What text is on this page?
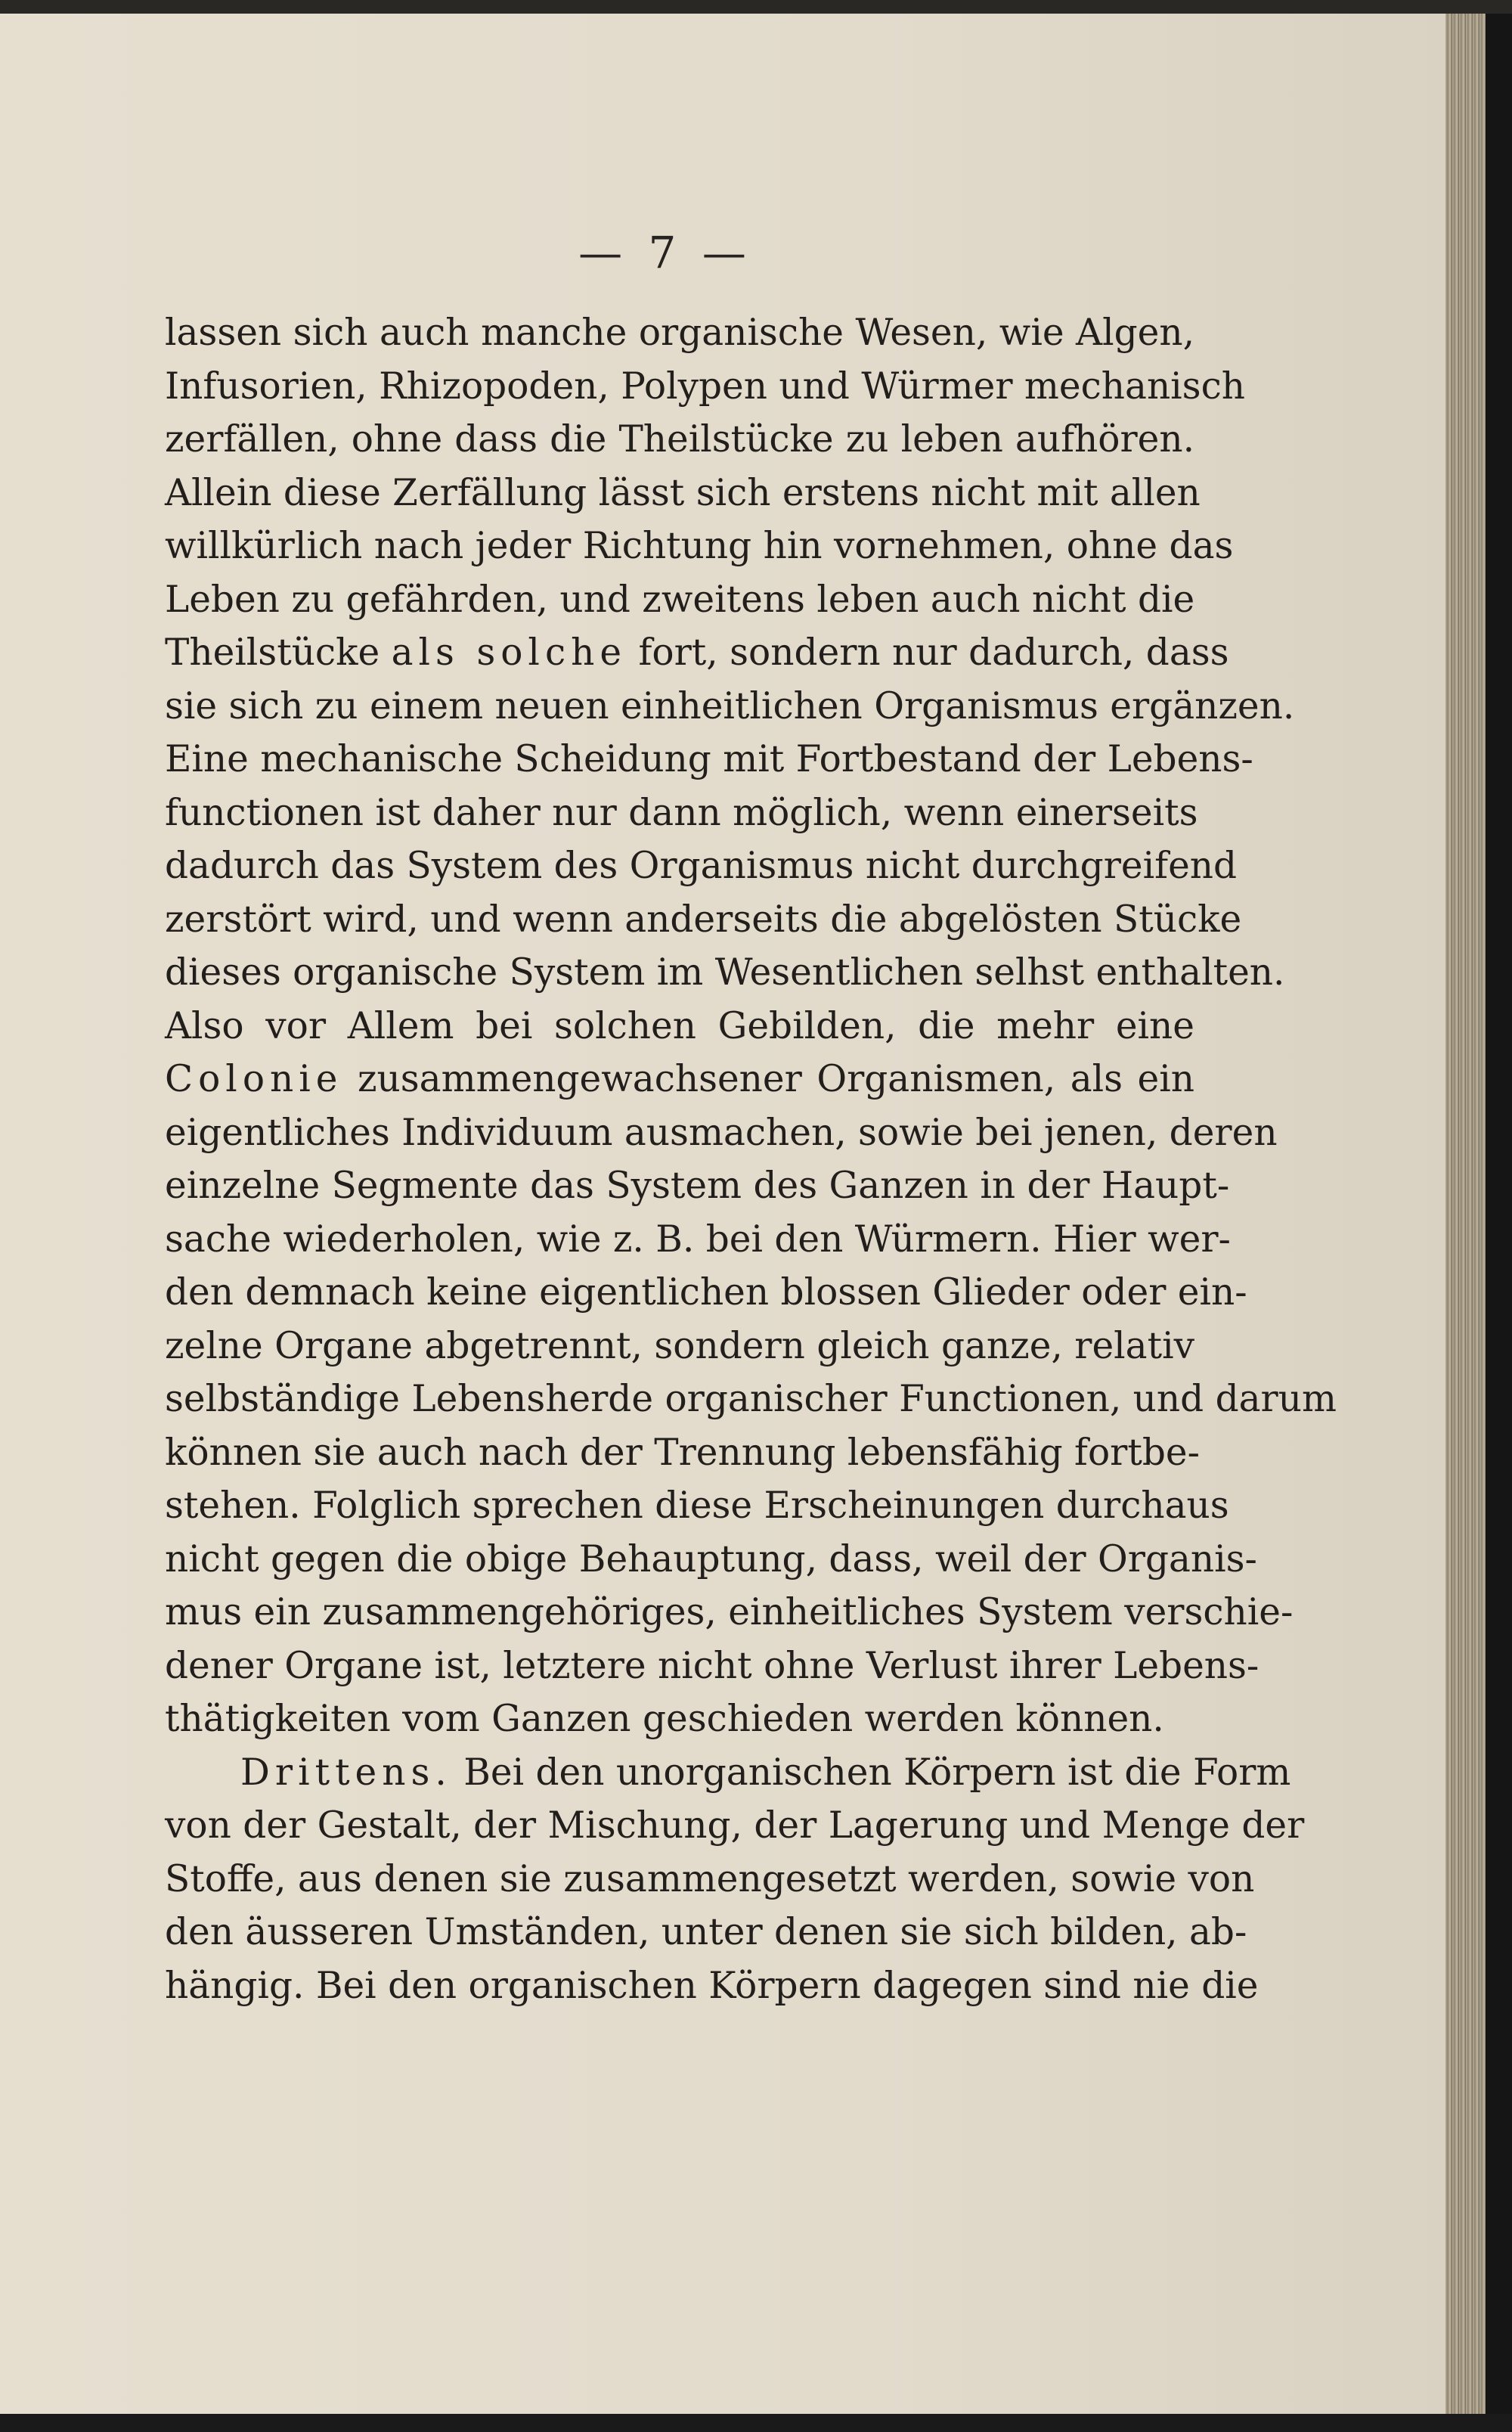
— 7 —
lassen sich auch manche organische Wesen, wie Algen,
Infusorien, Rhizopoden, Polypen und Würmer mechanisch
zerfällen, ohne dass die Theilstücke zu leben aufhören.
Allein diese Zerfällung lässt sich erstens nicht mit allen
willkürlich nach jeder Richtung hin vornehmen, ohne das
Leben zu gefährden, und zweitens leben auch nicht die
Theilstücke als solche fort, sondern nur dadurch, dass
sie sich zu einem neuen einheitlichen Organismus ergänzen.
Eine mechanische Scheidung mit Fortbestand der Lebens-
functionen ist daher nur dann möglich, wenn einerseits
dadurch das System des Organismus nicht durchgreifend
zerstört wird, und wenn anderseits die abgelösten Stücke
dieses organische System im Wesentlichen selhst enthalten.
Also vor Allem bei solchen Gebilden, die mehr eine
Colonie zusammengewachsener Organismen, als ein
eigentliches Individuum ausmachen, sowie bei jenen, deren
einzelne Segmente das System des Ganzen in der Haupt-
sache wiederholen, wie z. B. bei den Würmern. Hier wer-
den demnach keine eigentlichen blossen Glieder oder ein-
zelne Organe abgetrennt, sondern gleich ganze, relativ
selbständige Lebensherde organischer Functionen, und darum
können sie auch nach der Trennung lebensfähig fortbe-
stehen. Folglich sprechen diese Erscheinungen durchaus
nicht gegen die obige Behauptung, dass, weil der Organis-
mus ein zusammengehöriges, einheitliches System verschie-
dener Organe ist, letztere nicht ohne Verlust ihrer Lebens-
thätigkeiten vom Ganzen geschieden werden können.
Drittens. Bei den unorganischen Körpern ist die Form
von der Gestalt, der Mischung, der Lagerung und Menge der
Stoffe, aus denen sie zusammengesetzt werden, sowie von
den äusseren Umständen, unter denen sie sich bilden, ab-
hängig. Bei den organischen Körpern dagegen sind nie die
